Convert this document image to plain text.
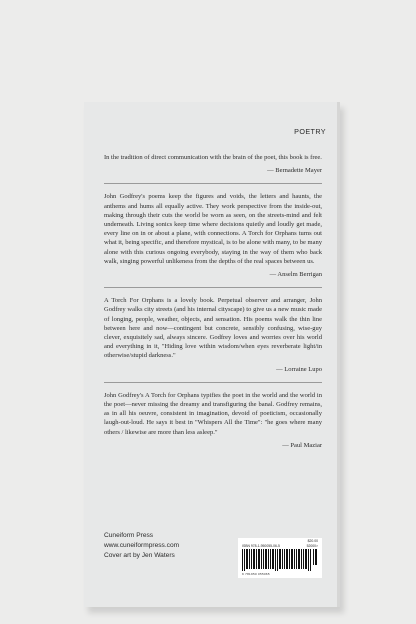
POETRY

In the tradition of direct communication with the brain of the poet, this book is free.

— Bernadette Mayer

John Godfrey's poems keep the figures and voids, the letters and haunts, the anthems and hums all equally active. They work perspective from the inside-out, making through their cuts the world be worn as seen, on the streets-mind and felt underneath. Living sonics keep time where decisions quietly and loudly get made, every line on in or about a plane, with connections. A Torch for Orphans turns out what it, being specific, and therefore mystical, is to be alone with many, to be many alone with this curious ongoing everybody, staying in the way of them who back walk, singing powerful unlikeness from the depths of the real spaces between us.

— Anselm Berrigan

A Torch For Orphans is a lovely book. Perpetual observer and arranger, John Godfrey walks city streets (and his internal cityscape) to give us a new music made of longing, people, weather, objects, and sensation. His poems walk the thin line between here and now—contingent but concrete, sensibly confusing, wise-guy clever, exquisitely sad, always sincere. Godfrey loves and worries over his world and everything in it, "Hiding love within wisdom/when eyes reverberate light/in otherwise/stupid darkness."

— Lorraine Lupo

John Godfrey's A Torch for Orphans typifies the poet in the world and the world in the poet—never missing the dreamy and transfiguring the banal. Godfrey remains, as in all his oeuvre, consistent in imagination, devoid of poeticism, occasionally laugh-out-loud. He says it best in "Whispers All the Time": "he goes where many others / likewise are more than less asleep."

— Paul Maziar

Cuneiform Press
www.cuneiformpress.com
Cover art by Jen Waters
$20.00
ISBN 978-1-950055-06-5	52000>
9 781950 055065
